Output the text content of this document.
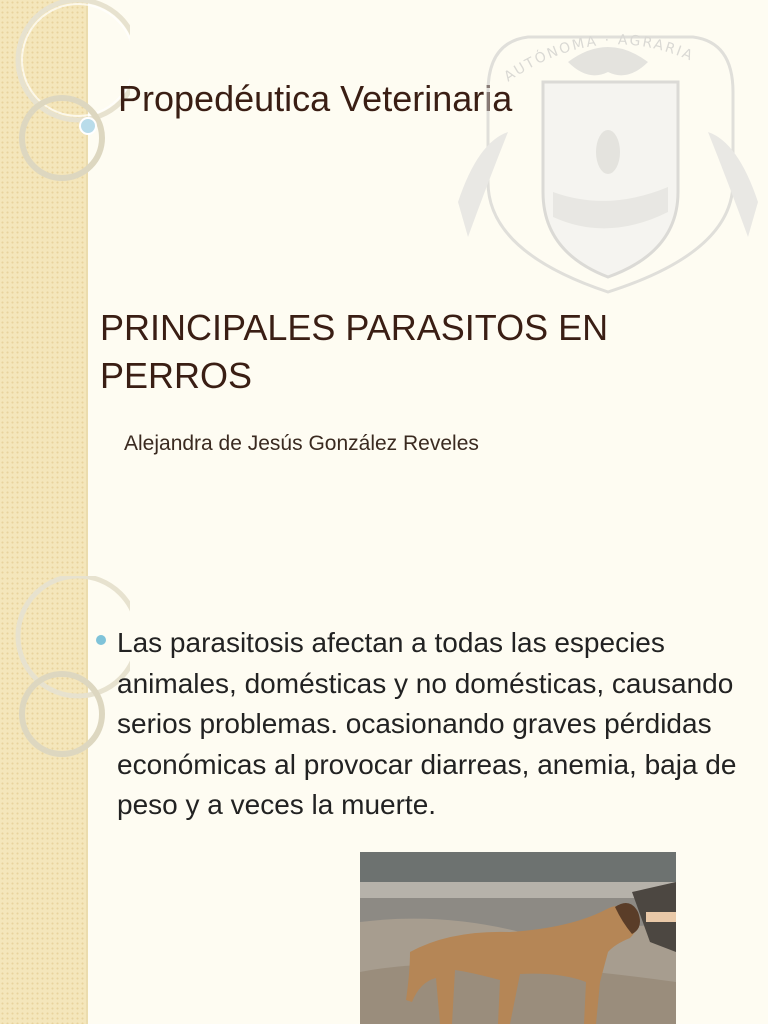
Propedéutica Veterinaria
AUTÓNOMA · AGRARIA
PRINCIPALES PARASITOS EN PERROS
Alejandra de Jesús González Reveles
Las parasitosis afectan a todas las especies animales, domésticas y no domésticas, causando serios problemas. ocasionando graves pérdidas económicas al provocar diarreas, anemia, baja de peso y a veces la muerte.
